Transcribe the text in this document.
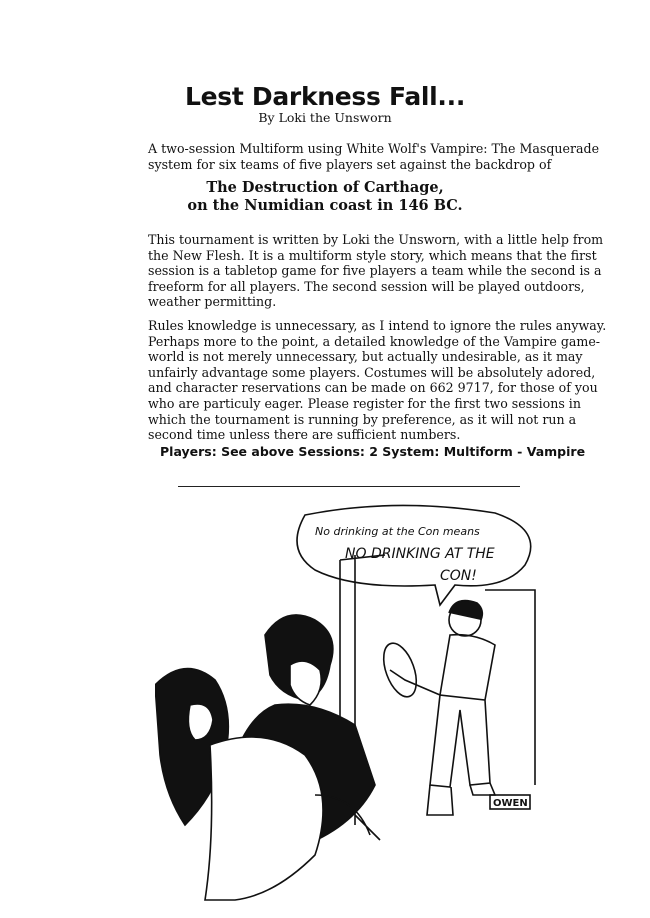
Lest Darkness Fall...
By Loki the Unsworn
A two-session Multiform using White Wolf's Vampire: The Masquerade
system for six teams of five players set against the backdrop of
The Destruction of Carthage,
on the Numidian coast in 146 BC.
This tournament is written by Loki the Unsworn, with a little help from
the New Flesh. It is a multiform style story, which means that the first
session is a tabletop game for five players a team while the second is a
freeform for all players. The second session will be played outdoors,
weather permitting.
Rules knowledge is unnecessary, as I intend to ignore the rules anyway.
Perhaps more to the point, a detailed knowledge of the Vampire game-
world is not merely unnecessary, but actually undesirable, as it may
unfairly advantage some players. Costumes will be absolutely adored,
and character reservations can be made on 662 9717, for those of you
who are particuly eager. Please register for the first two sessions in
which the tournament is running by preference, as it will not run a
second time unless there are sufficient numbers.
Players: See above Sessions: 2 System: Multiform - Vampire
No drinking at the Con means
NO DRINKING AT THE
CON!
OWEN
